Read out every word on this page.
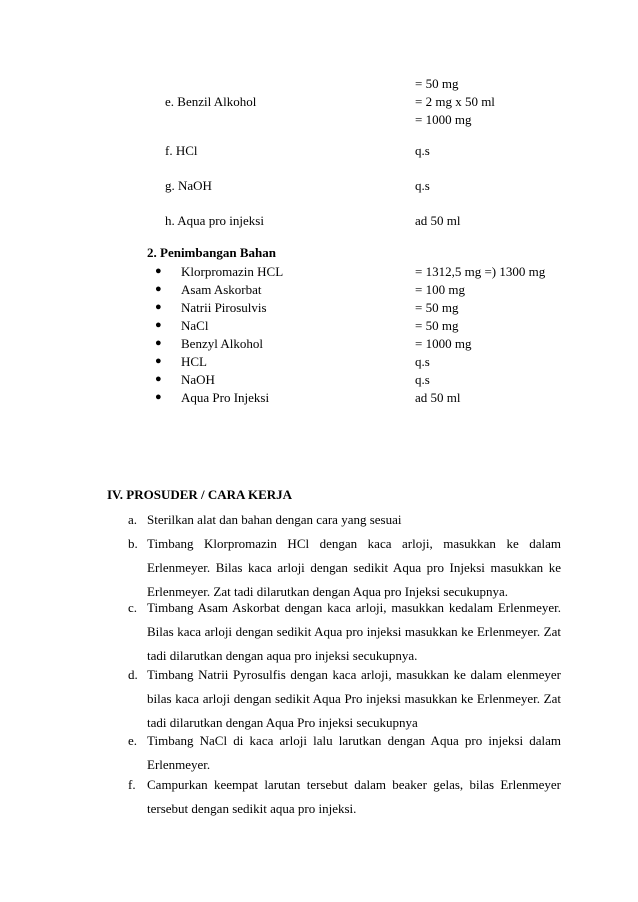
= 50 mg
e. Benzil Alkohol	= 2 mg x 50 ml
= 1000 mg
f. HCl	q.s
g. NaOH	q.s
h. Aqua pro injeksi	ad 50 ml
2. Penimbangan Bahan
● Klorpromazin HCL	= 1312,5 mg =) 1300 mg
● Asam Askorbat	= 100 mg
● Natrii Pirosulvis	= 50 mg
● NaCl	= 50 mg
● Benzyl Alkohol	= 1000 mg
● HCL	q.s
● NaOH	q.s
● Aqua Pro Injeksi	ad 50 ml
IV. PROSUDER / CARA KERJA
a. Sterilkan alat dan bahan dengan cara yang sesuai
b. Timbang Klorpromazin HCl dengan kaca arloji, masukkan ke dalam
Erlenmeyer. Bilas kaca arloji dengan sedikit Aqua pro Injeksi masukkan ke
Erlenmeyer. Zat tadi dilarutkan dengan Aqua pro Injeksi secukupnya.
c. Timbang Asam Askorbat dengan kaca arloji, masukkan kedalam Erlenmeyer.
Bilas kaca arloji dengan sedikit Aqua pro injeksi masukkan ke Erlenmeyer. Zat
tadi dilarutkan dengan aqua pro injeksi secukupnya.
d. Timbang Natrii Pyrosulfis dengan kaca arloji, masukkan ke dalam elenmeyer
bilas kaca arloji dengan sedikit Aqua Pro injeksi masukkan ke Erlenmeyer. Zat
tadi dilarutkan dengan Aqua Pro injeksi secukupnya
e. Timbang NaCl di kaca arloji lalu larutkan dengan Aqua pro injeksi dalam
Erlenmeyer.
f. Campurkan keempat larutan tersebut dalam beaker gelas, bilas Erlenmeyer
tersebut dengan sedikit aqua pro injeksi.
